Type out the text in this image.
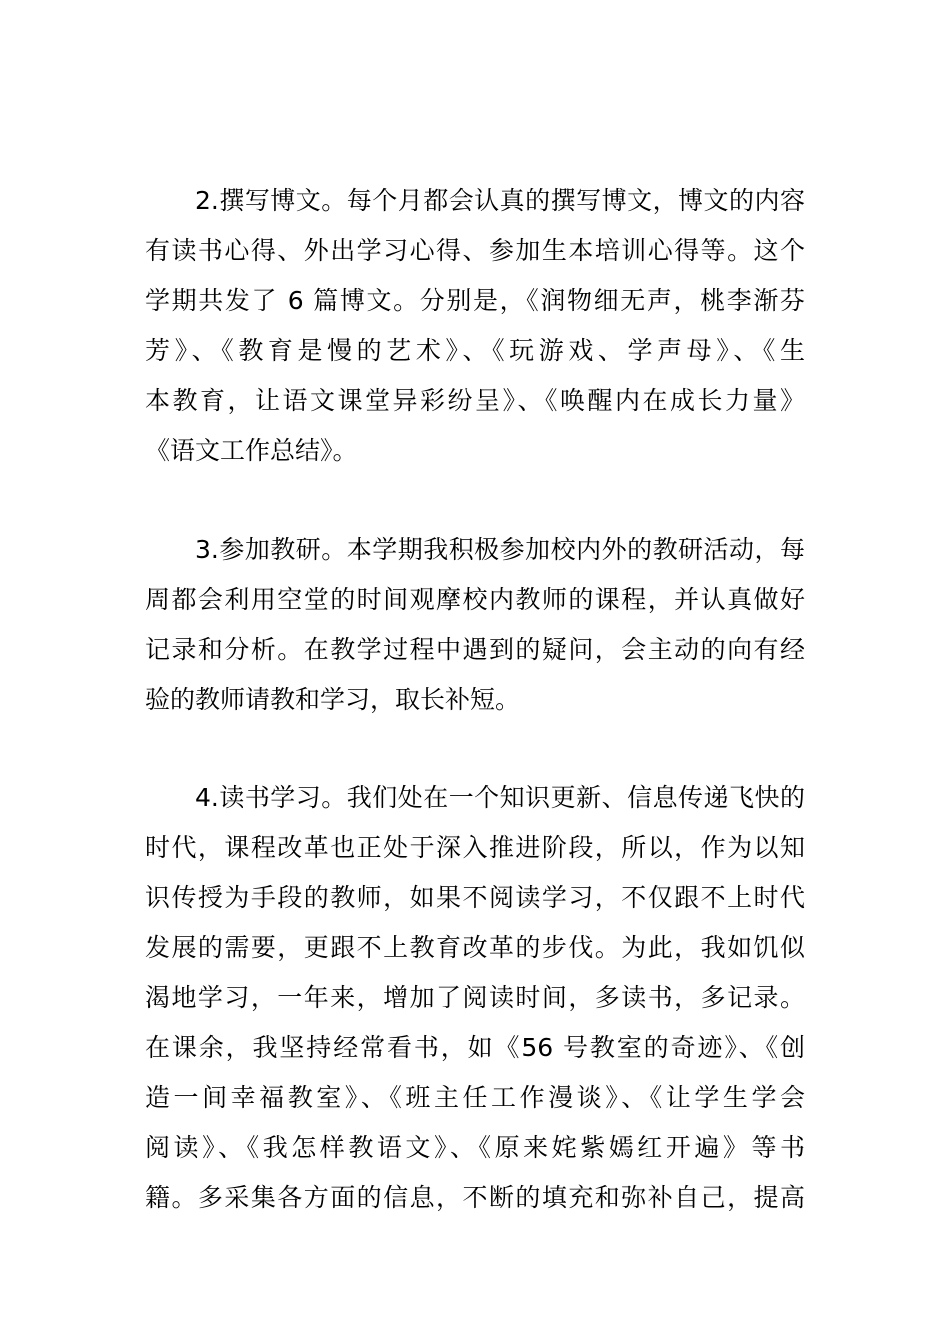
2.撰写博文。每个月都会认真的撰写博文，博文的内容
有读书心得、外出学习心得、参加生本培训心得等。这个
学期共发了 6 篇博文。分别是，《润物细无声，桃李渐芬
芳》、《教育是慢的艺术》、《玩游戏、学声母》、《生
本教育，让语文课堂异彩纷呈》、《唤醒内在成长力量》
《语文工作总结》。
3.参加教研。本学期我积极参加校内外的教研活动，每
周都会利用空堂的时间观摩校内教师的课程，并认真做好
记录和分析。在教学过程中遇到的疑问，会主动的向有经
验的教师请教和学习，取长补短。
4.读书学习。我们处在一个知识更新、信息传递飞快的
时代，课程改革也正处于深入推进阶段，所以，作为以知
识传授为手段的教师，如果不阅读学习，不仅跟不上时代
发展的需要，更跟不上教育改革的步伐。为此，我如饥似
渴地学习，一年来，增加了阅读时间，多读书，多记录。
在课余，我坚持经常看书，如《56 号教室的奇迹》、《创
造一间幸福教室》、《班主任工作漫谈》、《让学生学会
阅读》、《我怎样教语文》、《原来姹紫嫣红开遍》等书
籍。多采集各方面的信息，不断的填充和弥补自己，提高
